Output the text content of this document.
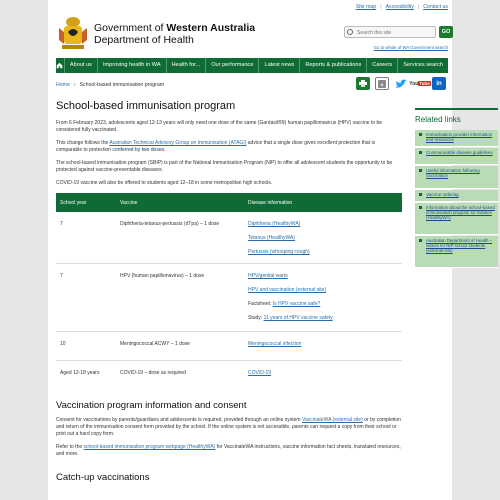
Site map | Accessibility | Contact us
Government of Western Australia
Department of Health
Search this site
GO
Go to whole of WA Government search
About us	Improving health in WA	Health for...	Our performance	Latest news	Reports & publications	Careers	Services search
Home › School-based immunisation program	+	You Tube	in
School-based immunisation program

From 6 February 2023, adolescents aged 12-13 years will only need one dose of the same (Gardasil®9) human papillomavirus (HPV) vaccine to be considered fully vaccinated.

This change follows the Australian Technical Advisory Group on Immunisation (ATAGI) advice that a single dose gives excellent protection that is comparable to protection conferred by two doses.

The school-based immunisation program (SBIP) is part of the National Immunisation Program (NIP) to offer all adolescent students the opportunity to be protected against vaccine-preventable diseases.

COVID-19 vaccine will also be offered to students aged 12–18 in some metropolitan high schools.

School year	Vaccine	Disease information
7	Diphtheria-tetanus-pertussis (dTpa) – 1 dose	Diphtheria (HealthyWA)
Tetanus (HealthyWA)
Pertussis (whooping cough)

7	HPV (human papillomavirus) – 1 dose	HPV/genital warts
HPV and vaccination (external site)
Factsheet: Is HPV vaccine safe?
Study: 11 years of HPV vaccine safety

10	Meningococcal ACWY – 1 dose	Meningococcal infection

Aged 12-18 years	COVID-19 – dose as required	COVID-19
Vaccination program information and consent

Consent for vaccinations by parents/guardians and adolescents is required, provided through an online system VaccinateWA (external site) or by completion and return of the immunisation consent form provided by the school. If the online system is not accessible, parents can request a copy from their school or print out a hard copy form.

Refer to the school-based immunisation program webpage (HealthyWA) for VaccinateWA instructions, vaccine information fact sheets, translated resources, and more.

Catch-up vaccinations
Related links
Immunisation provider information and resources
Communicable disease guidelines
Useful information following vaccination
Vaccine ordering
Information about the school-based immunisation program for families (HealthyWA)
Australian Department of Health – videos for NIP school students (external site)
